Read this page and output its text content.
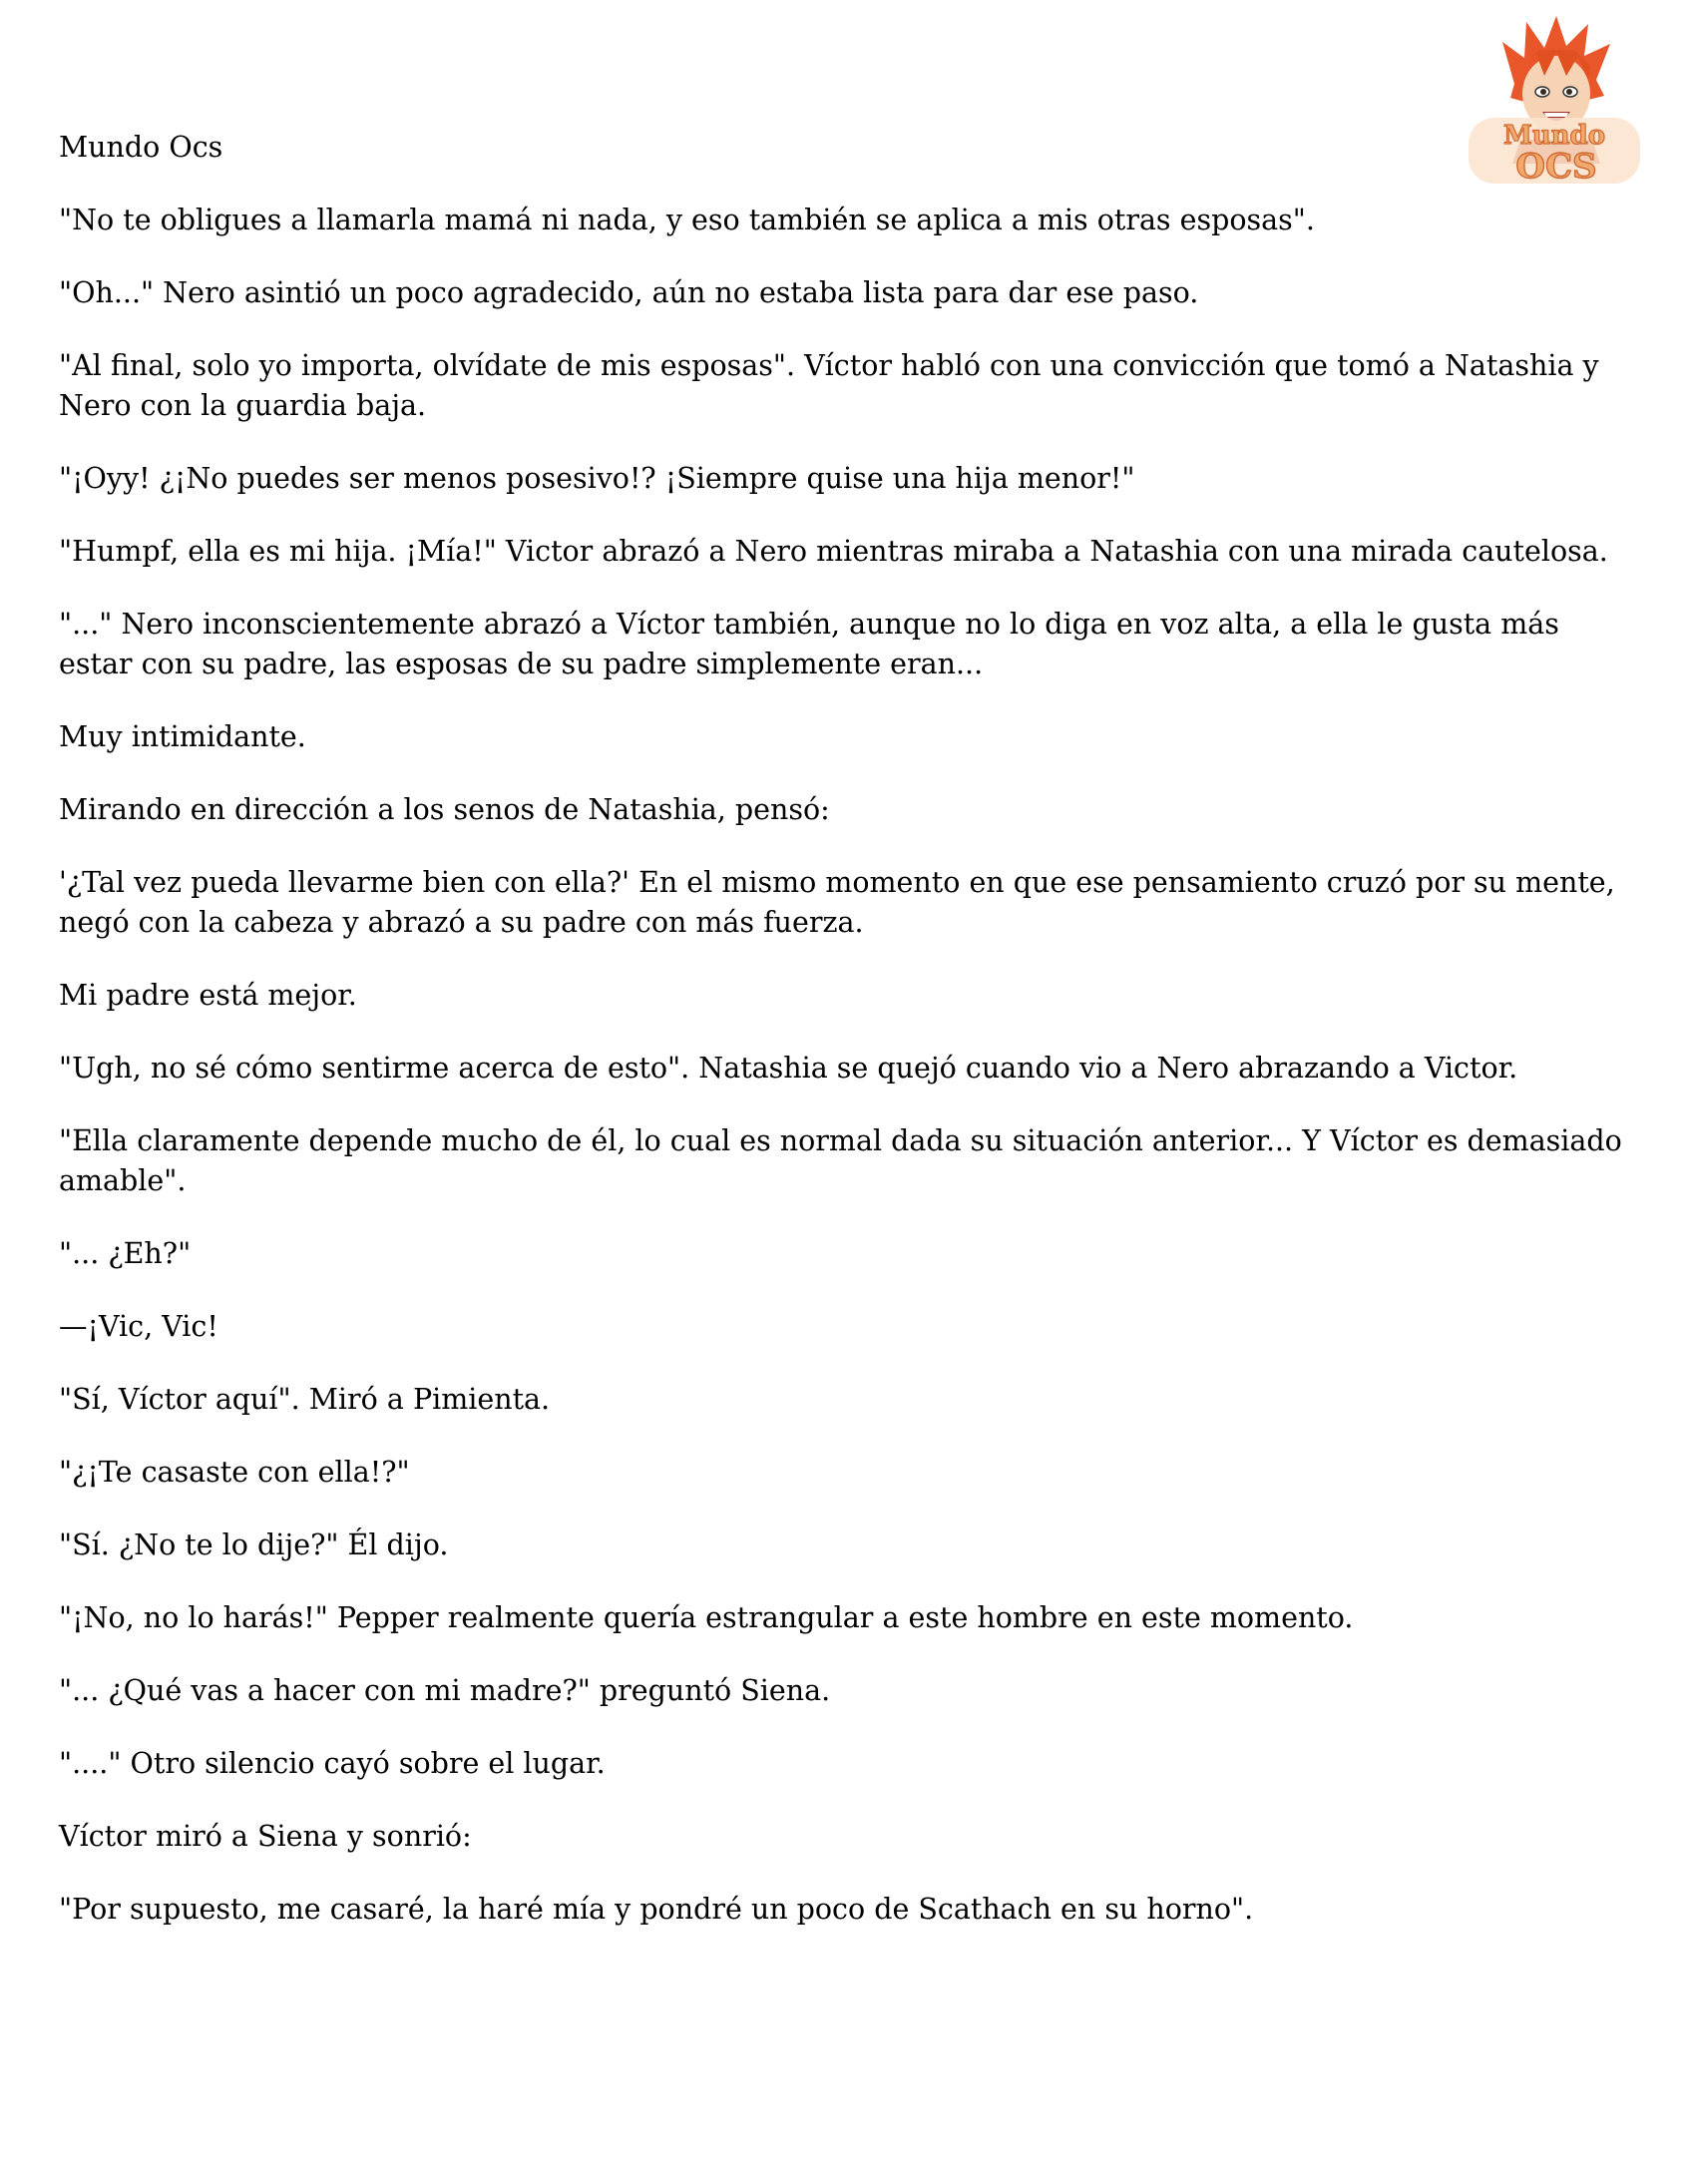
Mundo
OCS

Mundo Ocs

"No te obligues a llamarla mamá ni nada, y eso también se aplica a mis otras esposas".

"Oh..." Nero asintió un poco agradecido, aún no estaba lista para dar ese paso.

"Al final, solo yo importa, olvídate de mis esposas". Víctor habló con una convicción que tomó a Natashia y Nero con la guardia baja.

"¡Oyy! ¿¡No puedes ser menos posesivo!? ¡Siempre quise una hija menor!"

"Humpf, ella es mi hija. ¡Mía!" Victor abrazó a Nero mientras miraba a Natashia con una mirada cautelosa.

"..." Nero inconscientemente abrazó a Víctor también, aunque no lo diga en voz alta, a ella le gusta más estar con su padre, las esposas de su padre simplemente eran...

Muy intimidante.

Mirando en dirección a los senos de Natashia, pensó:

'¿Tal vez pueda llevarme bien con ella?' En el mismo momento en que ese pensamiento cruzó por su mente, negó con la cabeza y abrazó a su padre con más fuerza.

Mi padre está mejor.

"Ugh, no sé cómo sentirme acerca de esto". Natashia se quejó cuando vio a Nero abrazando a Victor.

"Ella claramente depende mucho de él, lo cual es normal dada su situación anterior... Y Víctor es demasiado amable".

"... ¿Eh?"

—¡Vic, Vic!

"Sí, Víctor aquí". Miró a Pimienta.

"¿¡Te casaste con ella!?"

"Sí. ¿No te lo dije?" Él dijo.

"¡No, no lo harás!" Pepper realmente quería estrangular a este hombre en este momento.

"... ¿Qué vas a hacer con mi madre?" preguntó Siena.

"...." Otro silencio cayó sobre el lugar.

Víctor miró a Siena y sonrió:

"Por supuesto, me casaré, la haré mía y pondré un poco de Scathach en su horno".
